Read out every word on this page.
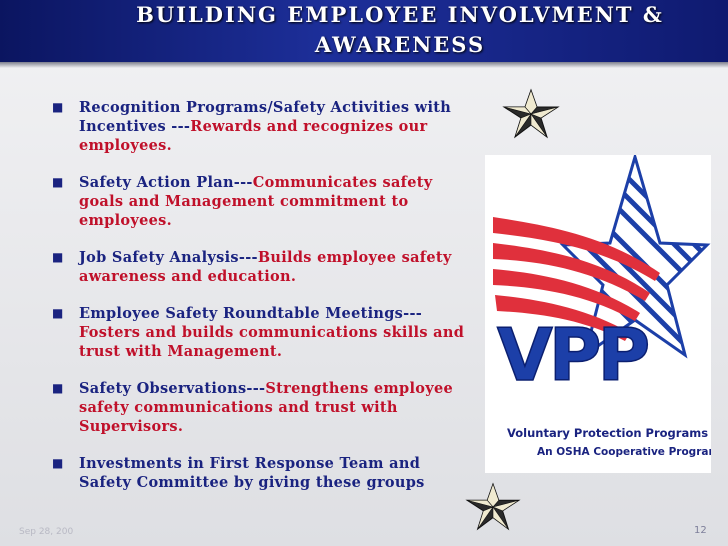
BUILDING EMPLOYEE INVOLVMENT & AWARENESS
■ Recognition Programs/Safety Activities with Incentives ---Rewards and recognizes our employees.
■ Safety Action Plan---Communicates safety goals and Management commitment to employees.
■ Job Safety Analysis---Builds employee safety awareness and education.
■ Employee Safety Roundtable Meetings---Fosters and builds communications skills and trust with Management.
■ Safety Observations---Strengthens employee safety communications and trust with Supervisors.
■ Investments in First Response Team and Safety Committee by giving these groups
VPP
Voluntary Protection Programs
An OSHA Cooperative Program
Sep 28, 200	12
